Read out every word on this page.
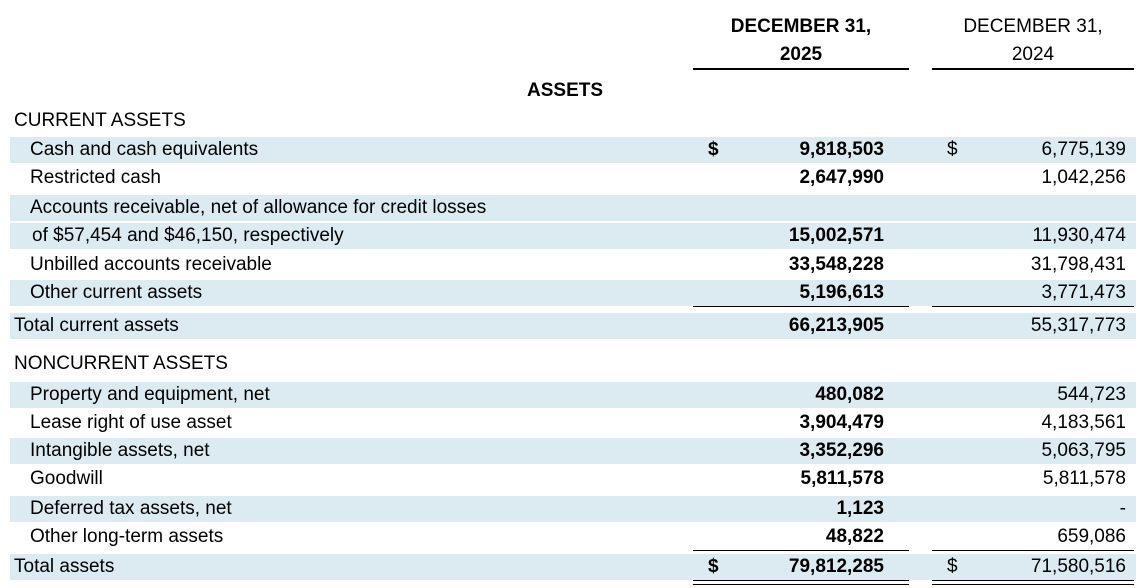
DECEMBER 31,
2025
DECEMBER 31,
2024
ASSETS
CURRENT ASSETS
Cash and cash equivalents	$	9,818,503	$	6,775,139
Restricted cash	2,647,990	1,042,256
Accounts receivable, net of allowance for credit losses
of $57,454 and $46,150, respectively	15,002,571	11,930,474
Unbilled accounts receivable	33,548,228	31,798,431
Other current assets	5,196,613	3,771,473
Total current assets	66,213,905	55,317,773
NONCURRENT ASSETS
Property and equipment, net	480,082	544,723
Lease right of use asset	3,904,479	4,183,561
Intangible assets, net	3,352,296	5,063,795
Goodwill	5,811,578	5,811,578
Deferred tax assets, net	1,123	-
Other long-term assets	48,822	659,086
Total assets	$	79,812,285	$	71,580,516
